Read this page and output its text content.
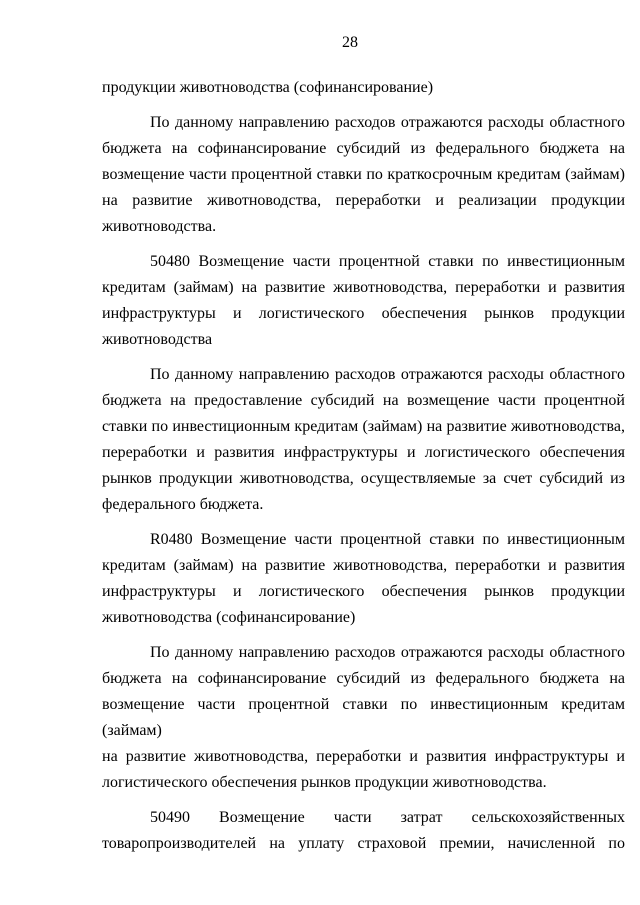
28
продукции животноводства (софинансирование)
По данному направлению расходов отражаются расходы областного
бюджета на софинансирование субсидий из федерального бюджета на
возмещение части процентной ставки по краткосрочным кредитам (займам)
на развитие животноводства, переработки и реализации продукции
животноводства.
50480 Возмещение части процентной ставки по инвестиционным
кредитам (займам) на развитие животноводства, переработки и развития
инфраструктуры и логистического обеспечения рынков продукции
животноводства
По данному направлению расходов отражаются расходы областного
бюджета на предоставление субсидий на возмещение части процентной
ставки по инвестиционным кредитам (займам) на развитие животноводства,
переработки и развития инфраструктуры и логистического обеспечения
рынков продукции животноводства, осуществляемые за счет субсидий из
федерального бюджета.
R0480 Возмещение части процентной ставки по инвестиционным
кредитам (займам) на развитие животноводства, переработки и развития
инфраструктуры и логистического обеспечения рынков продукции
животноводства (софинансирование)
По данному направлению расходов отражаются расходы областного
бюджета на софинансирование субсидий из федерального бюджета на
возмещение части процентной ставки по инвестиционным кредитам (займам)
на развитие животноводства, переработки и развития инфраструктуры и
логистического обеспечения рынков продукции животноводства.
50490 Возмещение части затрат сельскохозяйственных
товаропроизводителей на уплату страховой премии, начисленной по
